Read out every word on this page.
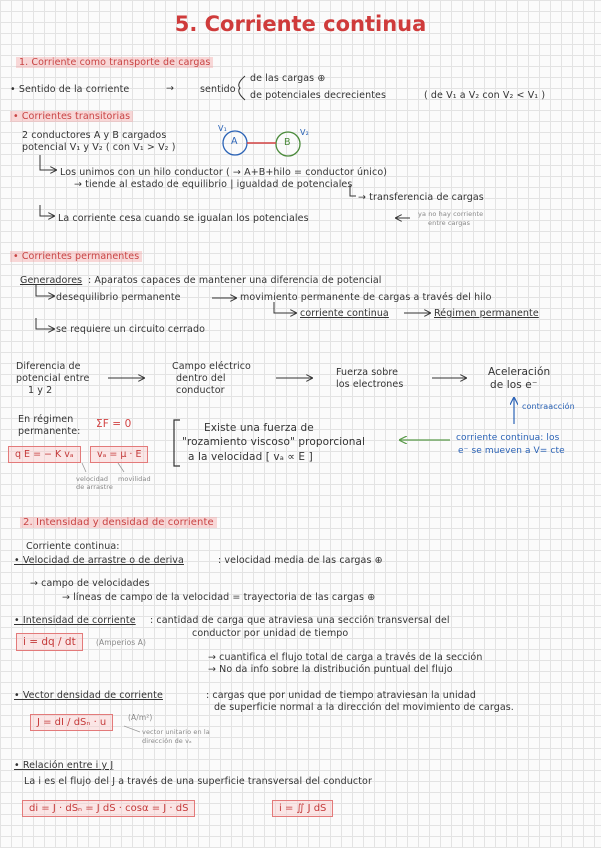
5. Corriente continua
1. Corriente como transporte de cargas
• Sentido de la corriente	→	sentido
de las cargas ⊕
de potenciales decrecientes	( de V₁ a V₂ con V₂ < V₁ )
• Corrientes transitorias
2 conductores A y B cargados
potencial V₁ y V₂ ( con V₁ > V₂ )
V₁	V₂
A	B
Los unimos con un hilo conductor ( → A+B+hilo = conductor único)
→ tiende al estado de equilibrio | igualdad de potenciales
→ transferencia de cargas
La corriente cesa cuando se igualan los potenciales	ya no hay corriente
entre cargas
• Corrientes permanentes
Generadores : Aparatos capaces de mantener una diferencia de potencial
desequilibrio permanente	movimiento permanente de cargas a través del hilo
corriente continua	Régimen permanente
se requiere un circuito cerrado
Diferencia de
potencial entre
1 y 2
Campo eléctrico
dentro del
conductor
Fuerza sobre
los electrones
Aceleración
de los e⁻
contraacción
En régimen
permanente:
ΣF = 0
q E = − K vₐ	vₐ = μ · E
velocidad
de arrastre
movilidad
Existe una fuerza de
"rozamiento viscoso" proporcional
a la velocidad [ vₐ ∝ E ]
corriente continua: los
e⁻ se mueven a V= cte
2. Intensidad y densidad de corriente
Corriente continua:
• Velocidad de arrastre o de deriva	: velocidad media de las cargas ⊕
→ campo de velocidades
→ líneas de campo de la velocidad = trayectoria de las cargas ⊕
• Intensidad de corriente : cantidad de carga que atraviesa una sección transversal del
conductor por unidad de tiempo
i = dq / dt	(Amperios A)
→ cuantifica el flujo total de carga a través de la sección
→ No da info sobre la distribución puntual del flujo
• Vector densidad de corriente	: cargas que por unidad de tiempo atraviesan la unidad
de superficie normal a la dirección del movimiento de cargas.
J = dI / dSₙ · u	(A/m²)
vector unitario en la
dirección de vₐ
• Relación entre i y J
La i es el flujo del J a través de una superficie transversal del conductor
di = J · dSₙ = J dS · cosα = J · dS	i = ∬ J dS
